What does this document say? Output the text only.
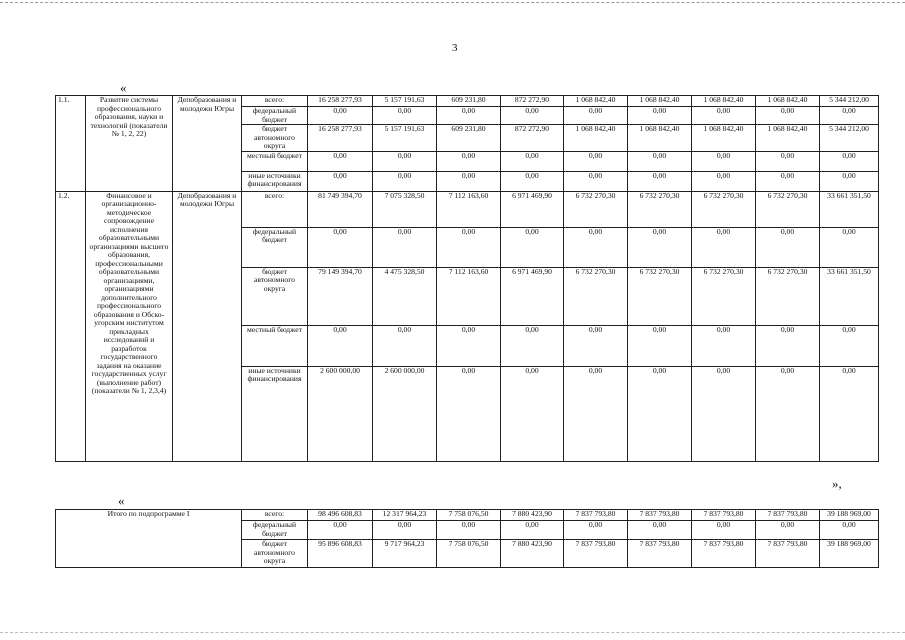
3
«
1.1.	Развитие системы профессионального образования, науки и технологий (показатели № 1, 2, 22)	Депобразования и молодежи Югры	всего:	16 258 277,93	5 157 191,63	609 231,80	872 272,90	1 068 842,40	1 068 842,40	1 068 842,40	1 068 842,40	5 344 212,00
			федеральный бюджет	0,00	0,00	0,00	0,00	0,00	0,00	0,00	0,00	0,00
			бюджет автономного округа	16 258 277,93	5 157 191,63	609 231,80	872 272,90	1 068 842,40	1 068 842,40	1 068 842,40	1 068 842,40	5 344 212,00
			местный бюджет	0,00	0,00	0,00	0,00	0,00	0,00	0,00	0,00	0,00
			иные источники финансирования	0,00	0,00	0,00	0,00	0,00	0,00	0,00	0,00	0,00
1.2.	Финансовое и организационно-методическое сопровождение исполнения образовательными организациями высшего образования, профессиональными образовательными организациями, организациями дополнительного профессионального образования и Обско-угорским институтом прикладных исследований и разработок государственного задания на оказание государственных услуг (выполнение работ) (показатели № 1, 2,3,4)	Депобразования и молодежи Югры	всего:	81 749 394,70	7 075 328,50	7 112 163,60	6 971 469,90	6 732 270,30	6 732 270,30	6 732 270,30	6 732 270,30	33 661 351,50
			федеральный бюджет	0,00	0,00	0,00	0,00	0,00	0,00	0,00	0,00	0,00
			бюджет автономного округа	79 149 394,70	4 475 328,50	7 112 163,60	6 971 469,90	6 732 270,30	6 732 270,30	6 732 270,30	6 732 270,30	33 661 351,50
			местный бюджет	0,00	0,00	0,00	0,00	0,00	0,00	0,00	0,00	0,00
			иные источники финансирования	2 600 000,00	2 600 000,00	0,00	0,00	0,00	0,00	0,00	0,00	0,00
»,
«
Итого по подпрограмме I	всего:	98 496 608,83	12 317 964,23	7 758 076,50	7 880 423,90	7 837 793,80	7 837 793,80	7 837 793,80	7 837 793,80	39 188 969,00
	федеральный бюджет	0,00	0,00	0,00	0,00	0,00	0,00	0,00	0,00	0,00
	бюджет автономного округа	95 896 608,83	9 717 964,23	7 758 076,50	7 880 423,90	7 837 793,80	7 837 793,80	7 837 793,80	7 837 793,80	39 188 969,00
